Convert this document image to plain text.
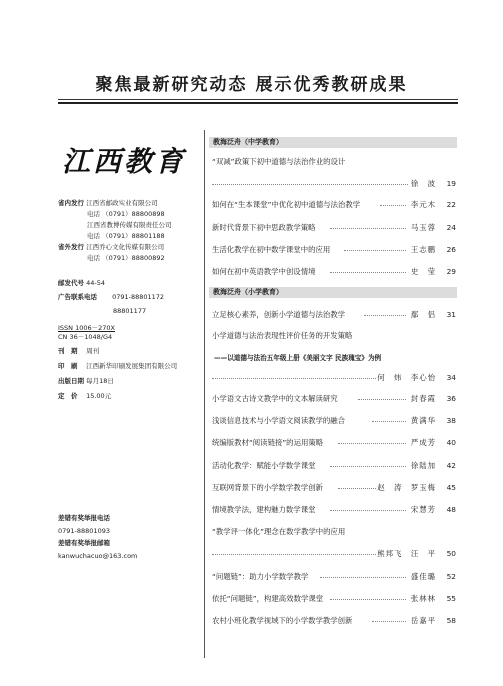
聚焦最新研究动态 展示优秀教研成果
江西教育
省内发行 江西省邮政实业有限公司
电话 （0791）88800898
江西省教博传媒有限责任公司
电话 （0791）88801188
省外发行 江西乔心文化传媒有限公司
电话 （0791）88800892
邮发代号 44-54
广告联系电话 0791-88801172
88801177
ISSN 1006－270X
CN 36－1048/G4
刊　期 周刊
印　刷 江西新华印刷发展集团有限公司
出版日期 每月18日
定　价 15.00元
差错有奖举报电话
0791-88801093
差错有奖举报邮箱
kanwuchacuo@163.com
教海泛舟（中学教育）
“双减”政策下初中道德与法治作业的设计
徐　波	19
如何在“生本课堂”中优化初中道德与法治教学	李元木	22
新时代背景下初中思政教学策略	马玉蓉	24
生活化教学在初中数学课堂中的应用	王志鹏	26
如何在初中英语教学中创设情境	史　莹	29
教海泛舟（小学教育）
立足核心素养，创新小学道德与法治教学	鄢　侣	31
小学道德与法治表现性评价任务的开发策略
——以道德与法治五年级上册《美丽文字 民族瑰宝》为例
何　炜　李心怡	34
小学语文古诗文教学中的文本解读研究	封春霞	36
浅谈信息技术与小学语文阅读教学的融合	黄满华	38
统编版教材“阅读链接”的运用策略	严成芳	40
活动化教学：赋能小学数学课堂	徐陆加	42
互联网背景下的小学数学教学创新	赵　涛　罗玉梅	45
情境教学法，建构魅力数学课堂	宋慧芳	48
“教学评一体化”理念在数学教学中的应用
熊邦飞　汪　平	50
“问题链”：助力小学数学教学	盛佳璐	52
依托“问题链”，构建高效数学课堂	张林林	55
农村小班化教学视域下的小学数学教学创新	岳嘉平	58
